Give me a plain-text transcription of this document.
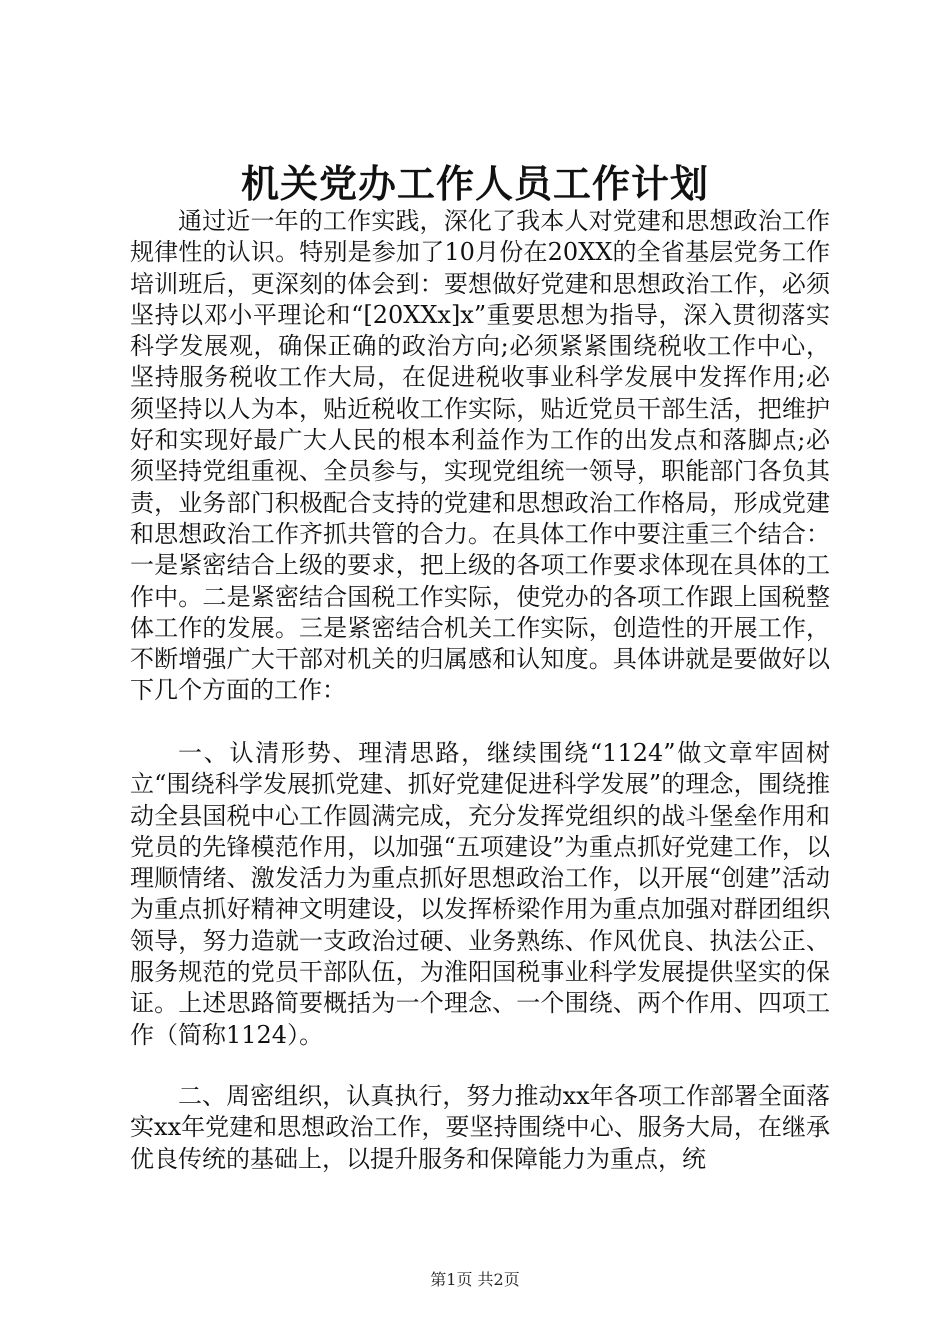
机关党办工作人员工作计划

通过近一年的工作实践，深化了我本人对党建和思想政治工作规律性的认识。特别是参加了10月份在20XX的全省基层党务工作培训班后，更深刻的体会到：要想做好党建和思想政治工作，必须坚持以邓小平理论和“[20XXx]x”重要思想为指导，深入贯彻落实科学发展观，确保正确的政治方向;必须紧紧围绕税收工作中心，坚持服务税收工作大局，在促进税收事业科学发展中发挥作用;必须坚持以人为本，贴近税收工作实际，贴近党员干部生活，把维护好和实现好最广大人民的根本利益作为工作的出发点和落脚点;必须坚持党组重视、全员参与，实现党组统一领导，职能部门各负其责，业务部门积极配合支持的党建和思想政治工作格局，形成党建和思想政治工作齐抓共管的合力。在具体工作中要注重三个结合：一是紧密结合上级的要求，把上级的各项工作要求体现在具体的工作中。二是紧密结合国税工作实际，使党办的各项工作跟上国税整体工作的发展。三是紧密结合机关工作实际，创造性的开展工作，不断增强广大干部对机关的归属感和认知度。具体讲就是要做好以下几个方面的工作：

一、认清形势、理清思路，继续围绕“1124”做文章牢固树立“围绕科学发展抓党建、抓好党建促进科学发展”的理念，围绕推动全县国税中心工作圆满完成，充分发挥党组织的战斗堡垒作用和党员的先锋模范作用，以加强“五项建设”为重点抓好党建工作，以理顺情绪、激发活力为重点抓好思想政治工作，以开展“创建”活动为重点抓好精神文明建设，以发挥桥梁作用为重点加强对群团组织领导，努力造就一支政治过硬、业务熟练、作风优良、执法公正、服务规范的党员干部队伍，为淮阳国税事业科学发展提供坚实的保证。上述思路简要概括为一个理念、一个围绕、两个作用、四项工作（简称1124）。

二、周密组织，认真执行，努力推动xx年各项工作部署全面落实xx年党建和思想政治工作，要坚持围绕中心、服务大局，在继承优良传统的基础上，以提升服务和保障能力为重点，统

第1页 共2页
